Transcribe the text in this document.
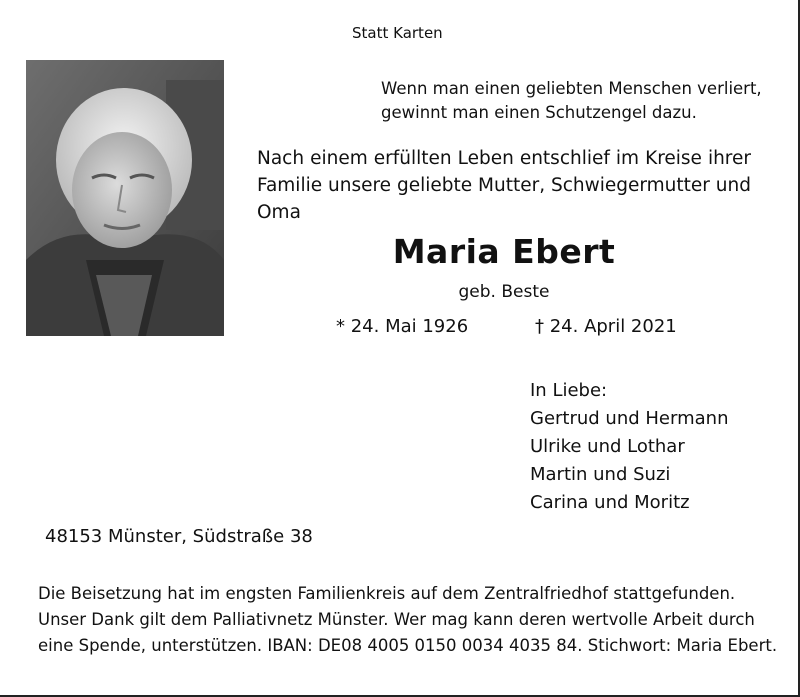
Statt Karten
Wenn man einen geliebten Menschen verliert,
gewinnt man einen Schutzengel dazu.
Nach einem erfüllten Leben entschlief im Kreise ihrer
Familie unsere geliebte Mutter, Schwiegermutter und
Oma
Maria Ebert
geb. Beste
* 24. Mai 1926	† 24. April 2021
In Liebe:
Gertrud und Hermann
Ulrike und Lothar
Martin und Suzi
Carina und Moritz
48153 Münster, Südstraße 38
Die Beisetzung hat im engsten Familienkreis auf dem Zentralfriedhof stattgefunden.
Unser Dank gilt dem Palliativnetz Münster. Wer mag kann deren wertvolle Arbeit durch
eine Spende, unterstützen. IBAN: DE08 4005 0150 0034 4035 84. Stichwort: Maria Ebert.
